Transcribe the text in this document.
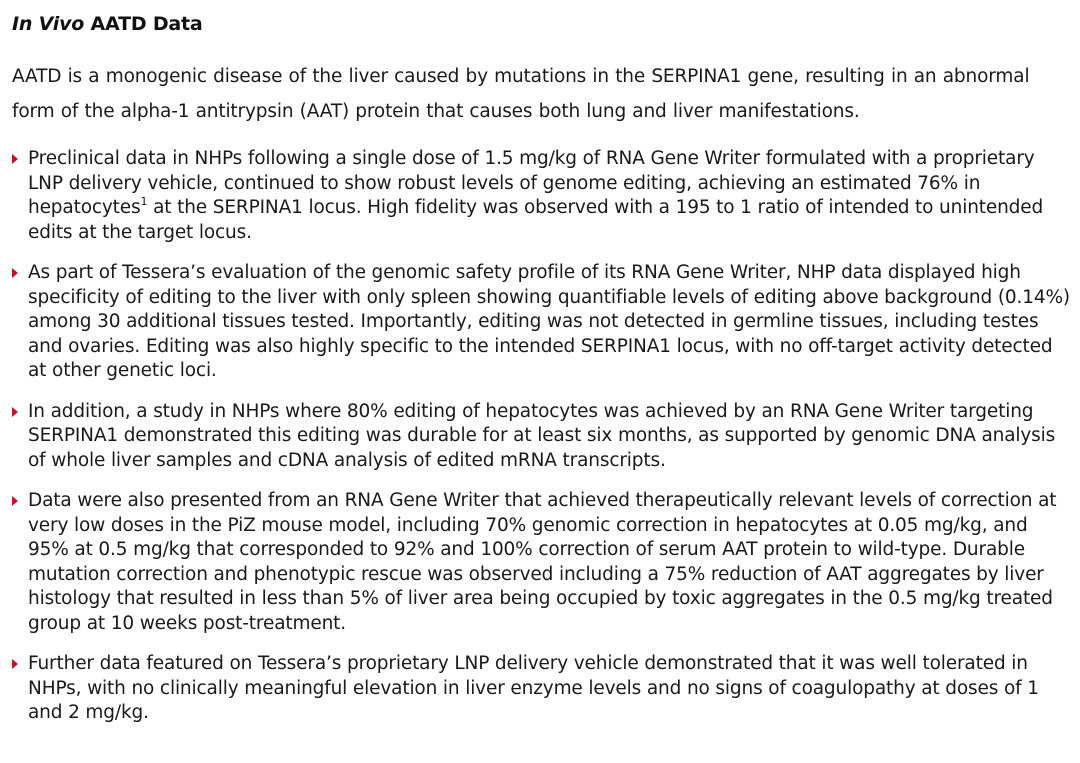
In Vivo AATD Data

AATD is a monogenic disease of the liver caused by mutations in the SERPINA1 gene, resulting in an abnormal form of the alpha-1 antitrypsin (AAT) protein that causes both lung and liver manifestations.

Preclinical data in NHPs following a single dose of 1.5 mg/kg of RNA Gene Writer formulated with a proprietary LNP delivery vehicle, continued to show robust levels of genome editing, achieving an estimated 76% in hepatocytes$^1$ at the SERPINA1 locus. High fidelity was observed with a 195 to 1 ratio of intended to unintended edits at the target locus.
As part of Tessera’s evaluation of the genomic safety profile of its RNA Gene Writer, NHP data displayed high specificity of editing to the liver with only spleen showing quantifiable levels of editing above background (0.14%) among 30 additional tissues tested. Importantly, editing was not detected in germline tissues, including testes and ovaries. Editing was also highly specific to the intended SERPINA1 locus, with no off-target activity detected at other genetic loci.
In addition, a study in NHPs where 80% editing of hepatocytes was achieved by an RNA Gene Writer targeting SERPINA1 demonstrated this editing was durable for at least six months, as supported by genomic DNA analysis of whole liver samples and cDNA analysis of edited mRNA transcripts.
Data were also presented from an RNA Gene Writer that achieved therapeutically relevant levels of correction at very low doses in the PiZ mouse model, including 70% genomic correction in hepatocytes at 0.05 mg/kg, and 95% at 0.5 mg/kg that corresponded to 92% and 100% correction of serum AAT protein to wild-type. Durable mutation correction and phenotypic rescue was observed including a 75% reduction of AAT aggregates by liver histology that resulted in less than 5% of liver area being occupied by toxic aggregates in the 0.5 mg/kg treated group at 10 weeks post-treatment.
Further data featured on Tessera’s proprietary LNP delivery vehicle demonstrated that it was well tolerated in NHPs, with no clinically meaningful elevation in liver enzyme levels and no signs of coagulopathy at doses of 1 and 2 mg/kg.
